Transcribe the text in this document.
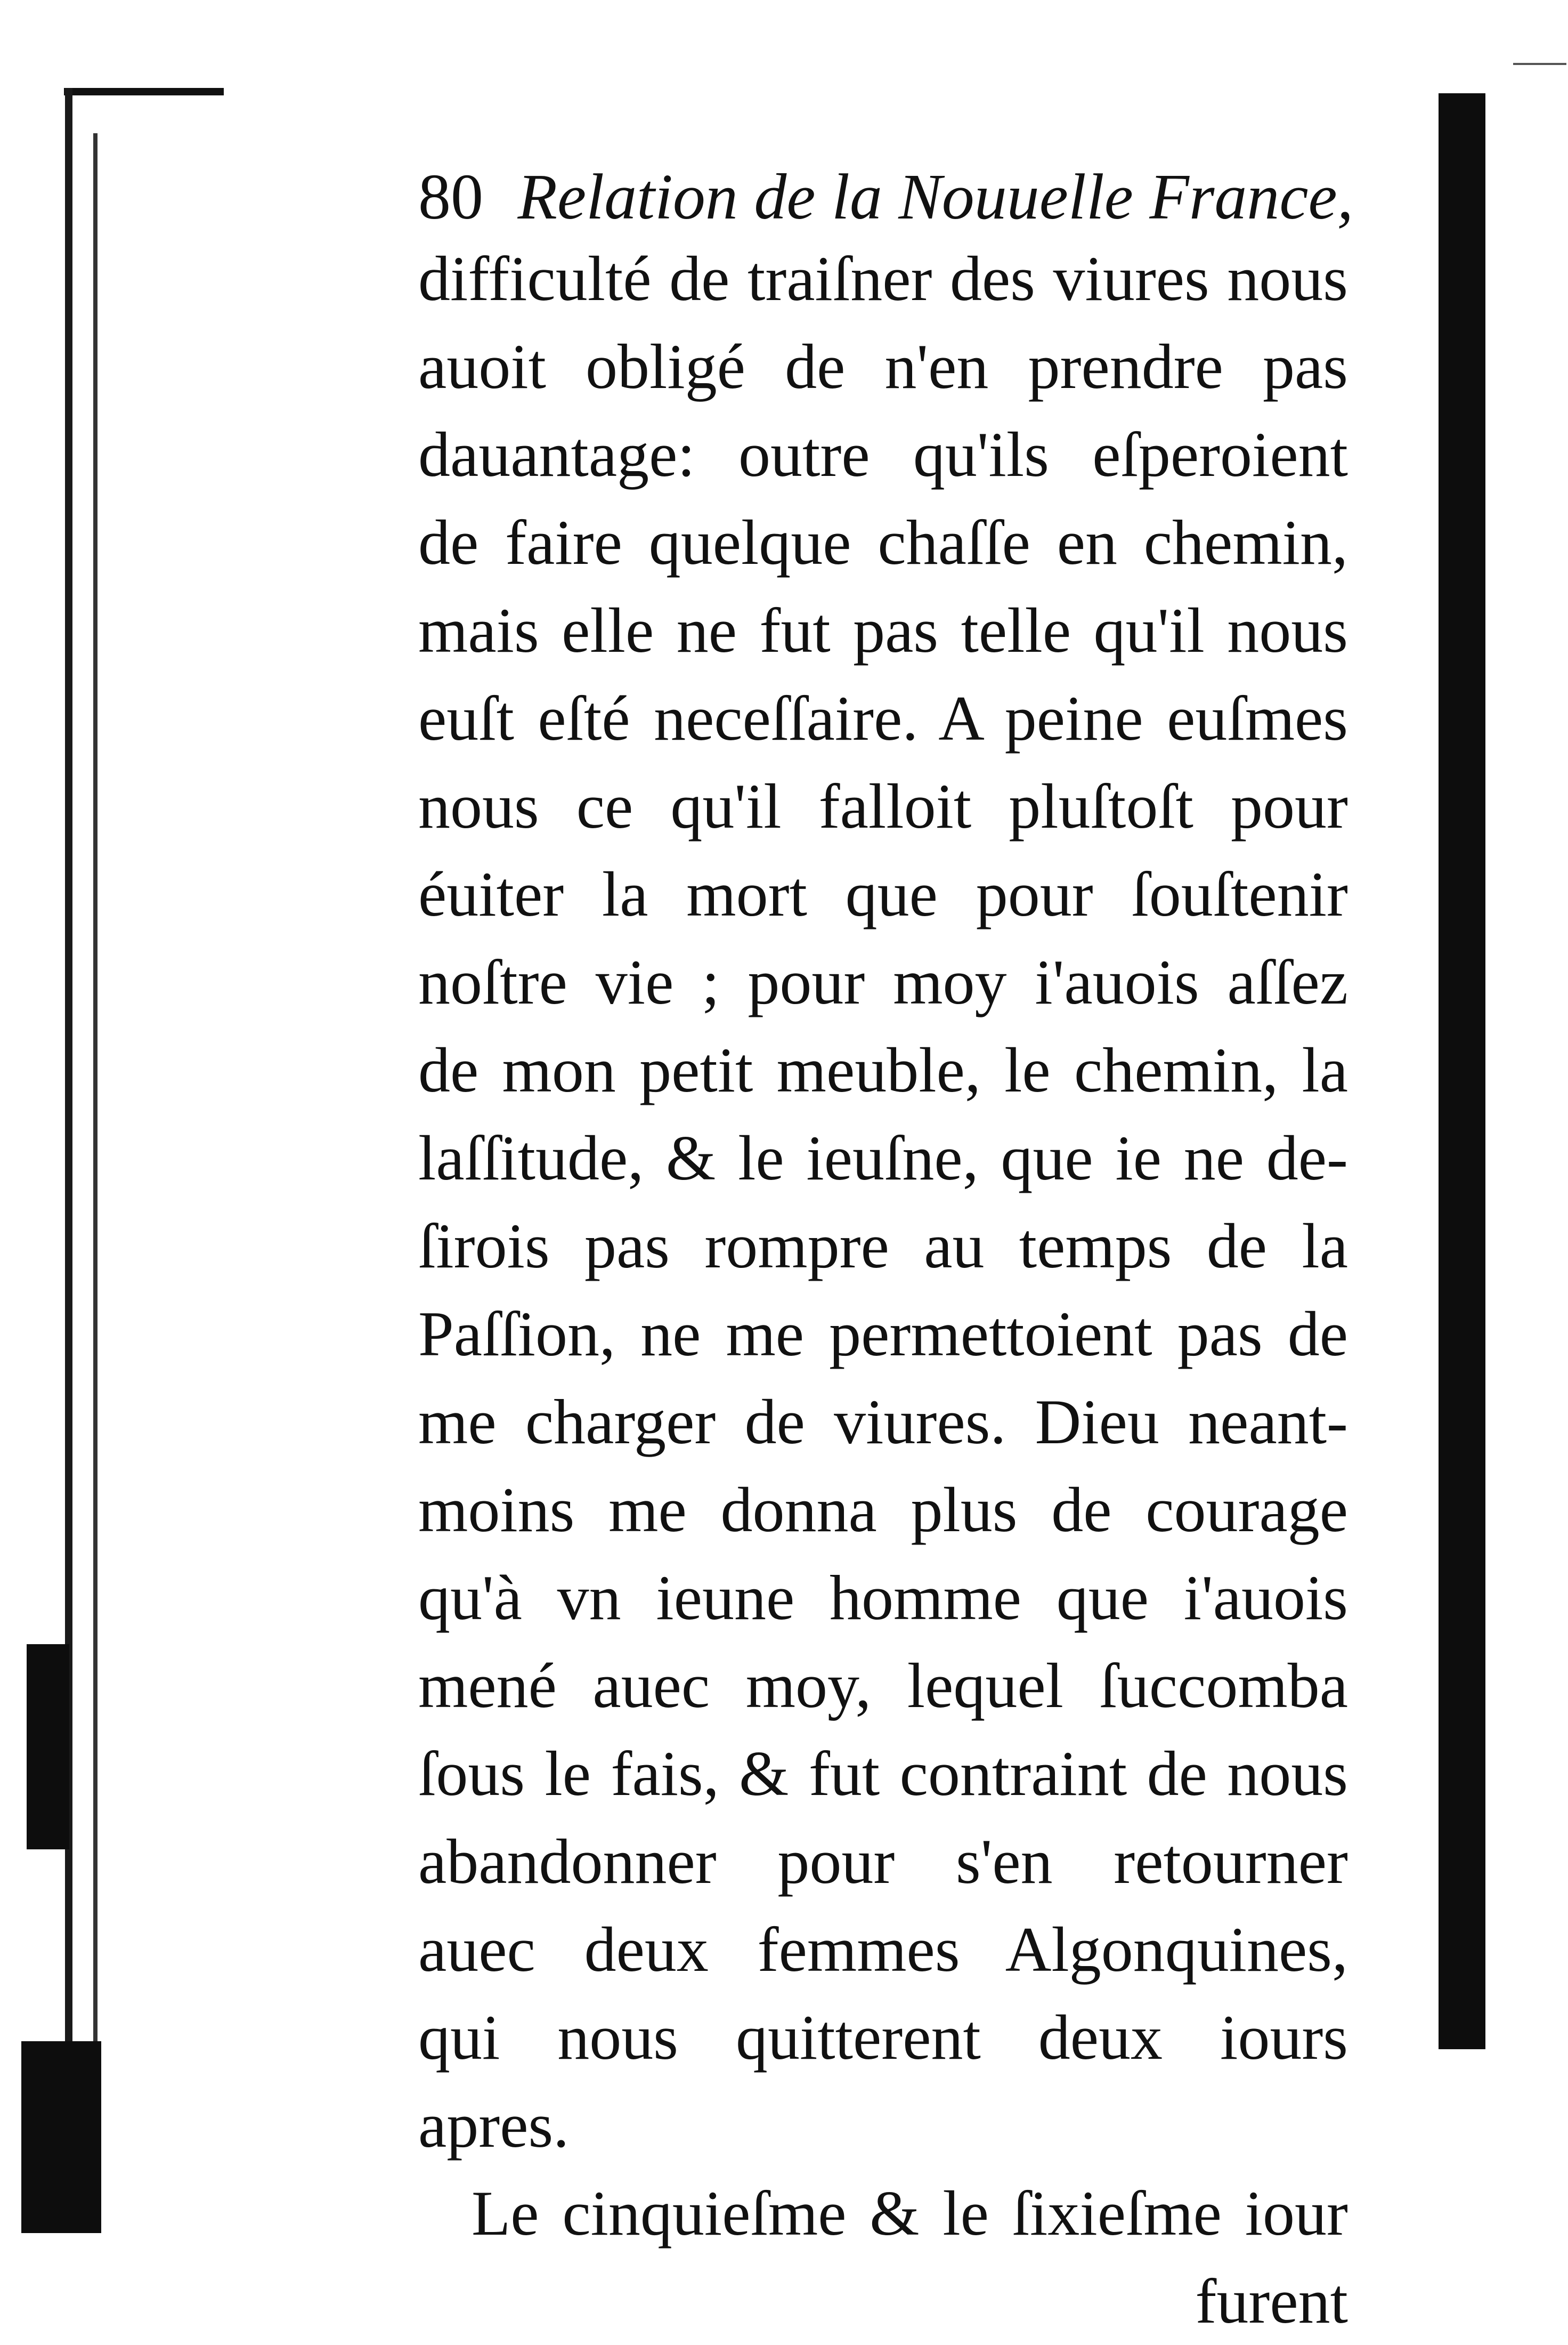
80 Relation de la Nouuelle France,
difficulté de traiſner des viures nous
auoit obligé de n'en prendre pas
dauantage: outre qu'ils eſperoient
de faire quelque chaſſe en chemin,
mais elle ne fut pas telle qu'il nous
euſt eſté neceſſaire. A peine euſmes
nous ce qu'il falloit pluſtoſt pour
éuiter la mort que pour ſouſtenir
noſtre vie ; pour moy i'auois aſſez
de mon petit meuble, le chemin, la
laſſitude, & le ieuſne, que ie ne de-
ſirois pas rompre au temps de la
Paſſion, ne me permettoient pas de
me charger de viures. Dieu neant-
moins me donna plus de courage
qu'à vn ieune homme que i'auois
mené auec moy, lequel ſuccomba
ſous le fais, & fut contraint de nous
abandonner pour s'en retourner
auec deux femmes Algonquines,
qui nous quitterent deux iours
apres.
Le cinquieſme & le ſixieſme iour
furent
